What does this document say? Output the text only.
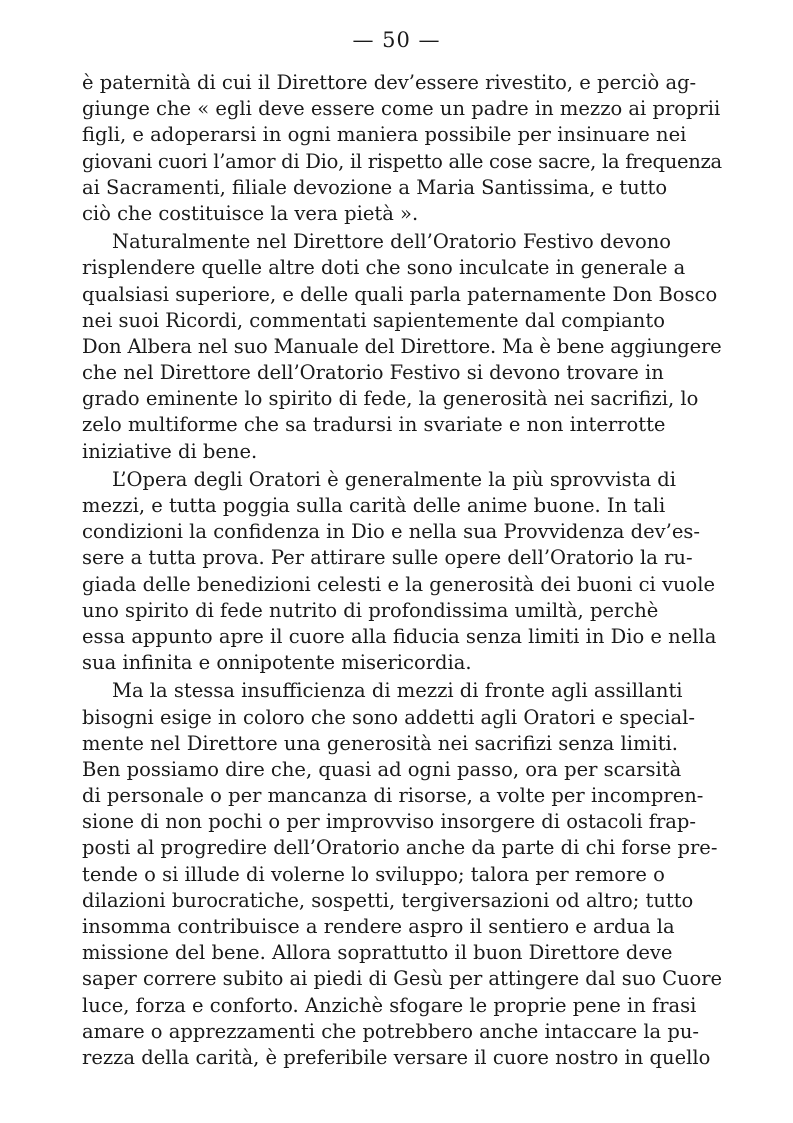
— 50 —
è paternità di cui il Direttore dev’essere rivestito, e perciò ag-
giunge che « egli deve essere come un padre in mezzo ai proprii
figli, e adoperarsi in ogni maniera possibile per insinuare nei
giovani cuori l’amor di Dio, il rispetto alle cose sacre, la frequenza
ai Sacramenti, filiale devozione a Maria Santissima, e tutto
ciò che costituisce la vera pietà ».
Naturalmente nel Direttore dell’Oratorio Festivo devono
risplendere quelle altre doti che sono inculcate in generale a
qualsiasi superiore, e delle quali parla paternamente Don Bosco
nei suoi Ricordi, commentati sapientemente dal compianto
Don Albera nel suo Manuale del Direttore. Ma è bene aggiungere
che nel Direttore dell’Oratorio Festivo si devono trovare in
grado eminente lo spirito di fede, la generosità nei sacrifizi, lo
zelo multiforme che sa tradursi in svariate e non interrotte
iniziative di bene.
L’Opera degli Oratori è generalmente la più sprovvista di
mezzi, e tutta poggia sulla carità delle anime buone. In tali
condizioni la confidenza in Dio e nella sua Provvidenza dev’es-
sere a tutta prova. Per attirare sulle opere dell’Oratorio la ru-
giada delle benedizioni celesti e la generosità dei buoni ci vuole
uno spirito di fede nutrito di profondissima umiltà, perchè
essa appunto apre il cuore alla fiducia senza limiti in Dio e nella
sua infinita e onnipotente misericordia.
Ma la stessa insufficienza di mezzi di fronte agli assillanti
bisogni esige in coloro che sono addetti agli Oratori e special-
mente nel Direttore una generosità nei sacrifizi senza limiti.
Ben possiamo dire che, quasi ad ogni passo, ora per scarsità
di personale o per mancanza di risorse, a volte per incompren-
sione di non pochi o per improvviso insorgere di ostacoli frap-
posti al progredire dell’Oratorio anche da parte di chi forse pre-
tende o si illude di volerne lo sviluppo; talora per remore o
dilazioni burocratiche, sospetti, tergiversazioni od altro; tutto
insomma contribuisce a rendere aspro il sentiero e ardua la
missione del bene. Allora soprattutto il buon Direttore deve
saper correre subito ai piedi di Gesù per attingere dal suo Cuore
luce, forza e conforto. Anzichè sfogare le proprie pene in frasi
amare o apprezzamenti che potrebbero anche intaccare la pu-
rezza della carità, è preferibile versare il cuore nostro in quello
